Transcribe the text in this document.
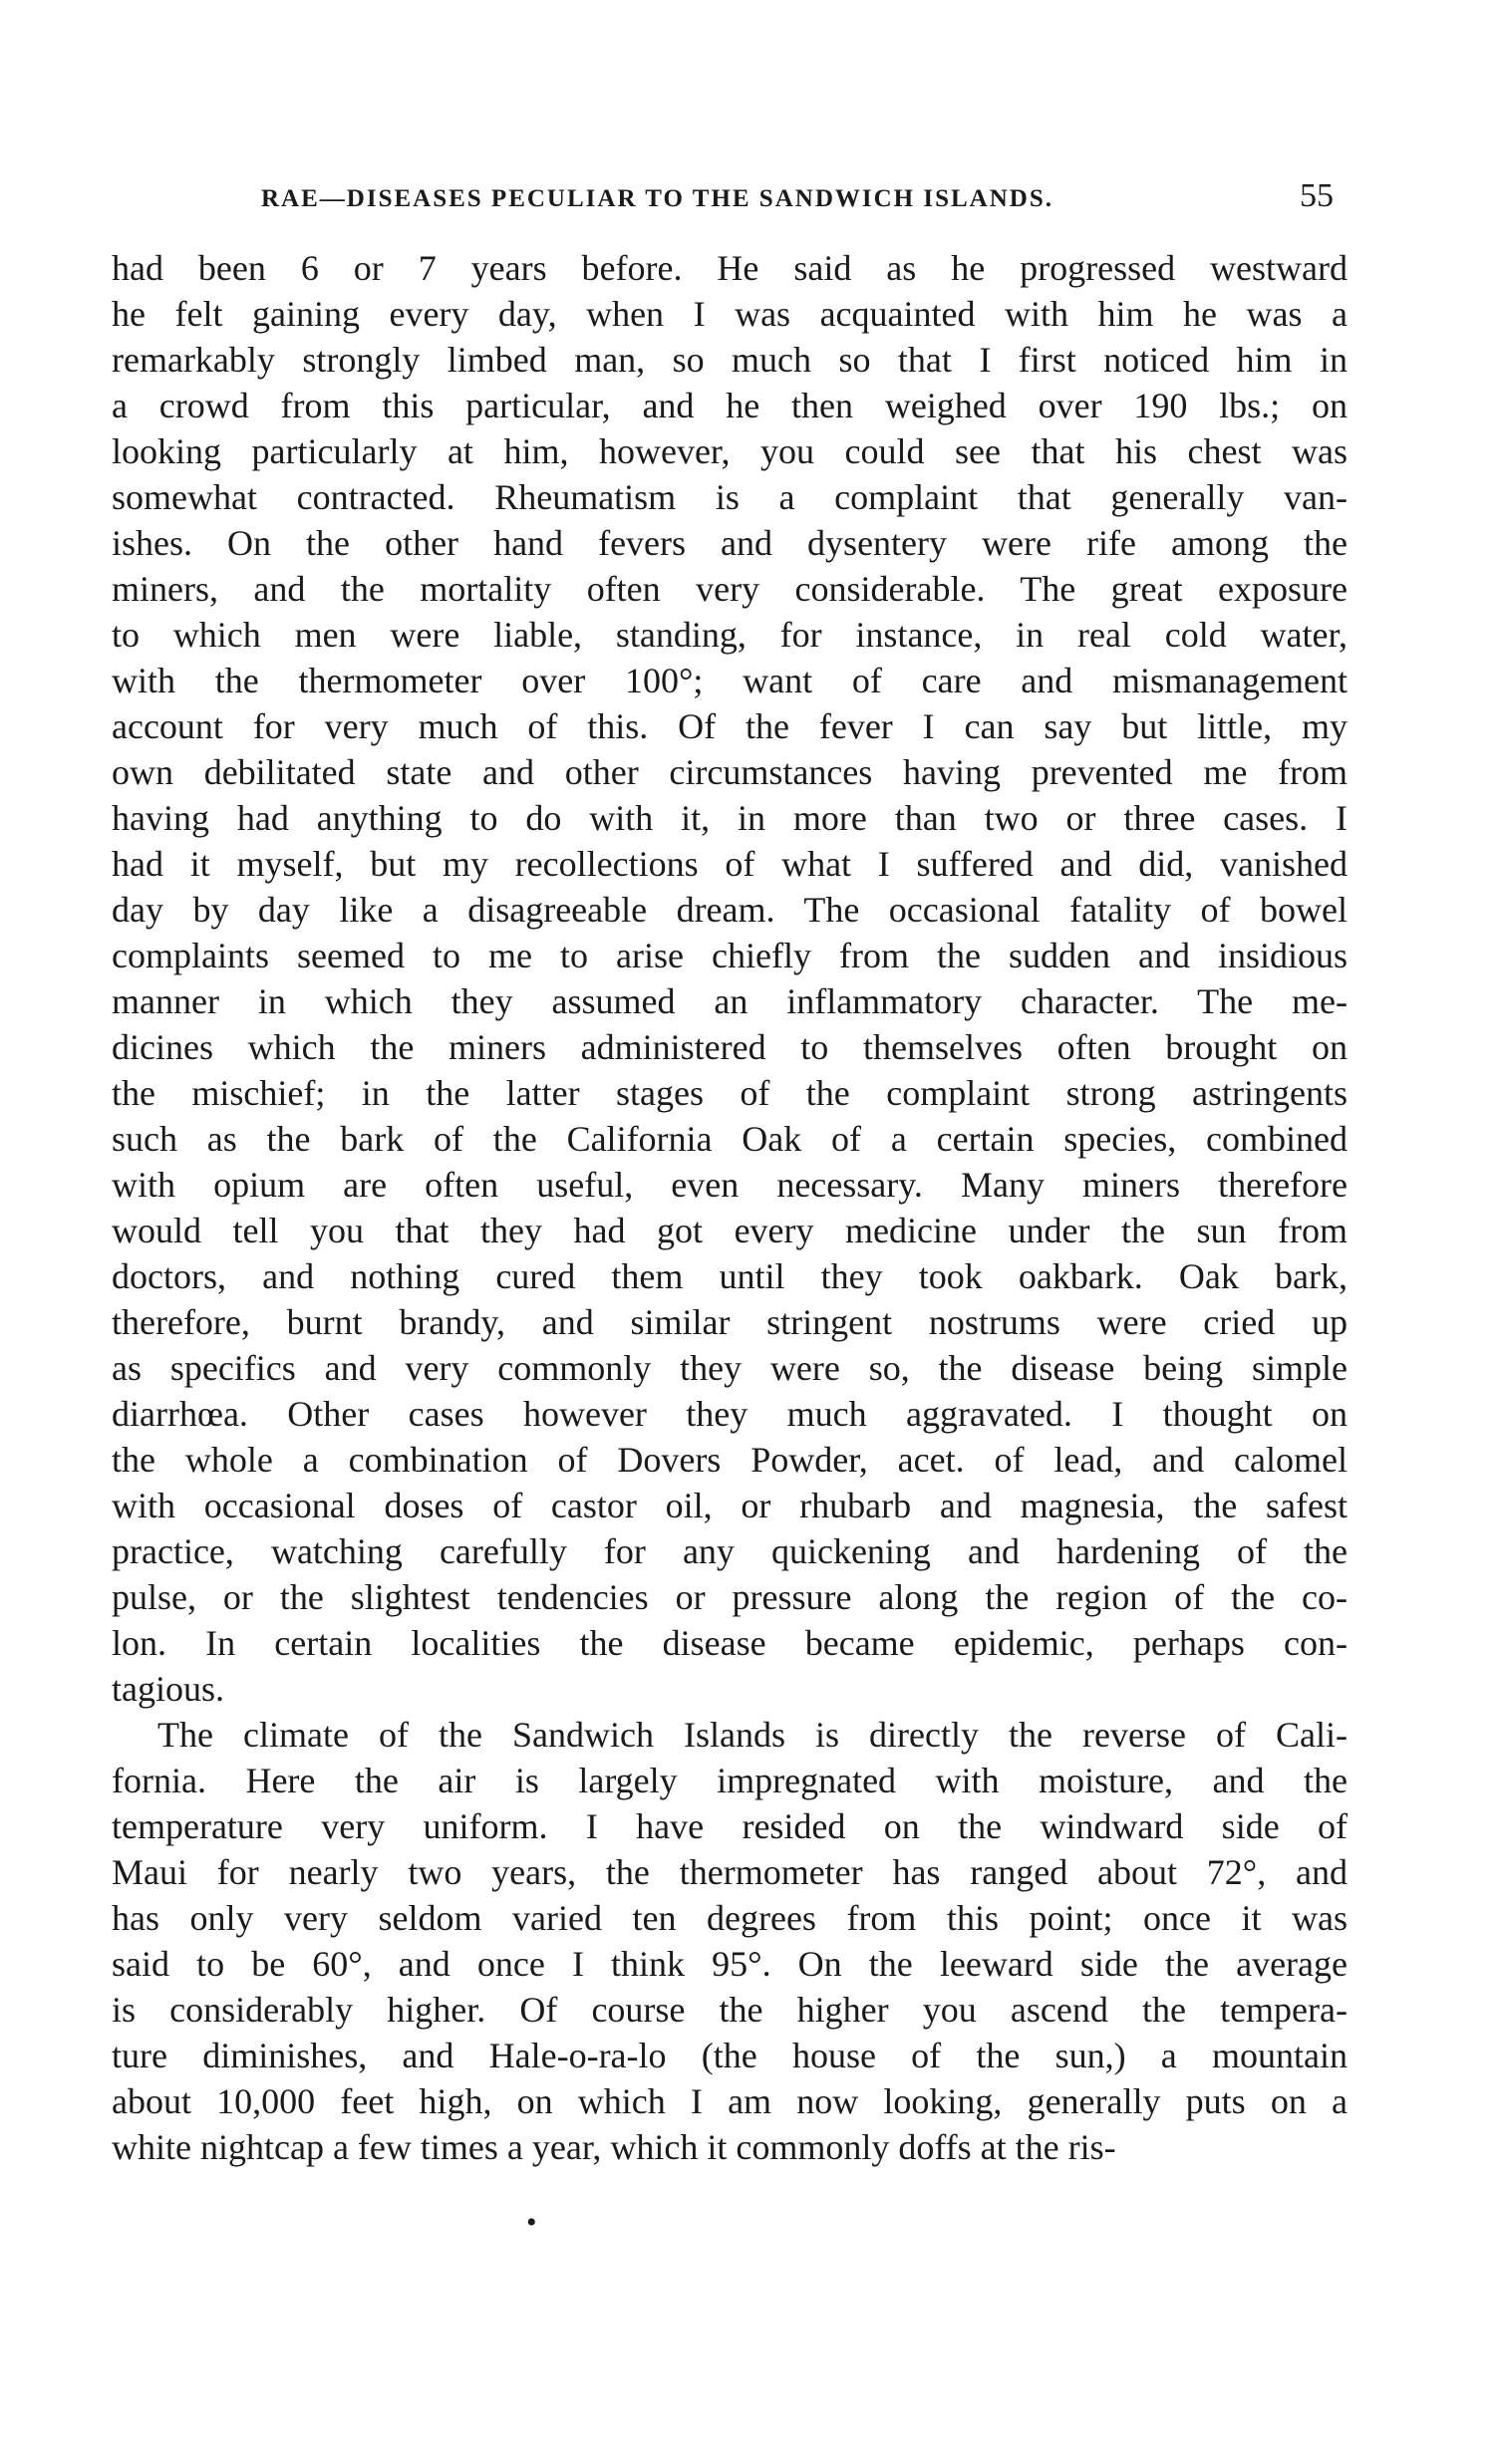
RAE—DISEASES PECULIAR TO THE SANDWICH ISLANDS.	55
had been 6 or 7 years before. He said as he progressed westward
he felt gaining every day, when I was acquainted with him he was a
remarkably strongly limbed man, so much so that I first noticed him in
a crowd from this particular, and he then weighed over 190 lbs.; on
looking particularly at him, however, you could see that his chest was
somewhat contracted. Rheumatism is a complaint that generally van-
ishes. On the other hand fevers and dysentery were rife among the
miners, and the mortality often very considerable. The great exposure
to which men were liable, standing, for instance, in real cold water,
with the thermometer over 100°; want of care and mismanagement
account for very much of this. Of the fever I can say but little, my
own debilitated state and other circumstances having prevented me from
having had anything to do with it, in more than two or three cases. I
had it myself, but my recollections of what I suffered and did, vanished
day by day like a disagreeable dream. The occasional fatality of bowel
complaints seemed to me to arise chiefly from the sudden and insidious
manner in which they assumed an inflammatory character. The me-
dicines which the miners administered to themselves often brought on
the mischief; in the latter stages of the complaint strong astringents
such as the bark of the California Oak of a certain species, combined
with opium are often useful, even necessary. Many miners therefore
would tell you that they had got every medicine under the sun from
doctors, and nothing cured them until they took oakbark. Oak bark,
therefore, burnt brandy, and similar stringent nostrums were cried up
as specifics and very commonly they were so, the disease being simple
diarrhœa. Other cases however they much aggravated. I thought on
the whole a combination of Dovers Powder, acet. of lead, and calomel
with occasional doses of castor oil, or rhubarb and magnesia, the safest
practice, watching carefully for any quickening and hardening of the
pulse, or the slightest tendencies or pressure along the region of the co-
lon. In certain localities the disease became epidemic, perhaps con-
tagious.
The climate of the Sandwich Islands is directly the reverse of Cali-
fornia. Here the air is largely impregnated with moisture, and the
temperature very uniform. I have resided on the windward side of
Maui for nearly two years, the thermometer has ranged about 72°, and
has only very seldom varied ten degrees from this point; once it was
said to be 60°, and once I think 95°. On the leeward side the average
is considerably higher. Of course the higher you ascend the tempera-
ture diminishes, and Hale-o-ra-lo (the house of the sun,) a mountain
about 10,000 feet high, on which I am now looking, generally puts on a
white nightcap a few times a year, which it commonly doffs at the ris-
•
